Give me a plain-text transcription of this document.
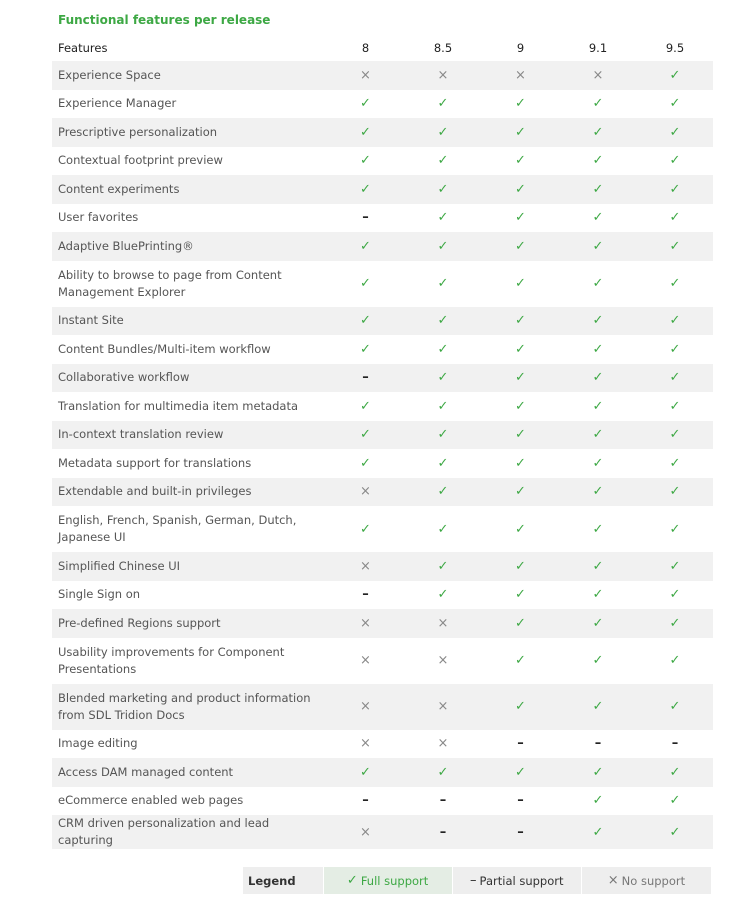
Functional features per release
Features	8	8.5	9	9.1	9.5
Experience Space	×	×	×	×	✓
Experience Manager	✓	✓	✓	✓	✓
Prescriptive personalization	✓	✓	✓	✓	✓
Contextual footprint preview	✓	✓	✓	✓	✓
Content experiments	✓	✓	✓	✓	✓
User favorites	–	✓	✓	✓	✓
Adaptive BluePrinting®	✓	✓	✓	✓	✓
Ability to browse to page from Content Management Explorer	✓	✓	✓	✓	✓
Instant Site	✓	✓	✓	✓	✓
Content Bundles/Multi-item workflow	✓	✓	✓	✓	✓
Collaborative workflow	–	✓	✓	✓	✓
Translation for multimedia item metadata	✓	✓	✓	✓	✓
In-context translation review	✓	✓	✓	✓	✓
Metadata support for translations	✓	✓	✓	✓	✓
Extendable and built-in privileges	×	✓	✓	✓	✓
English, French, Spanish, German, Dutch, Japanese UI	✓	✓	✓	✓	✓
Simplified Chinese UI	×	✓	✓	✓	✓
Single Sign on	–	✓	✓	✓	✓
Pre-defined Regions support	×	×	✓	✓	✓
Usability improvements for Component Presentations	×	×	✓	✓	✓
Blended marketing and product information from SDL Tridion Docs	×	×	✓	✓	✓
Image editing	×	×	–	–	–
Access DAM managed content	✓	✓	✓	✓	✓
eCommerce enabled web pages	–	–	–	✓	✓
CRM driven personalization and lead capturing	×	–	–	✓	✓
Legend	✓ Full support	– Partial support	× No support
